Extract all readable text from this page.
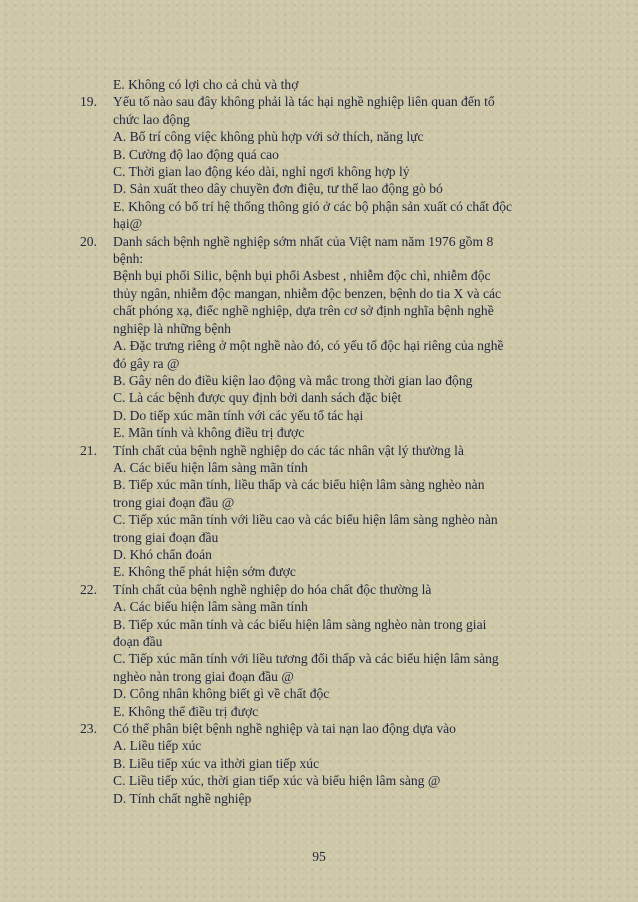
E. Không có lợi cho cả chủ và thợ
19. Yếu tố nào sau đây không phải là tác hại nghề nghiệp liên quan đến tổ
chức lao động
A. Bố trí công việc không phù hợp với sở thích, năng lực
B. Cường độ lao động quá cao
C. Thời gian lao động kéo dài, nghỉ ngơi không hợp lý
D. Sản xuất theo dây chuyền đơn điệu, tư thế lao động gò bó
E. Không có bố trí hệ thống thông gió ở các bộ phận sản xuất có chất độc
hại@
20. Danh sách bệnh nghề nghiệp sớm nhất của Việt nam năm 1976 gồm 8
bệnh:
Bệnh bụi phổi Silic, bệnh bụi phổi Asbest , nhiễm độc chì, nhiễm độc
thủy ngân, nhiễm độc mangan, nhiễm độc benzen, bệnh do tia X và các
chất phóng xạ, điếc nghề nghiệp, dựa trên cơ sở định nghĩa bệnh nghề
nghiệp là những bệnh
A. Đặc trưng riêng ở một nghề nào đó, có yếu tố độc hại riêng của nghề
đó gây ra @
B. Gây nên do điều kiện lao động và mắc trong thời gian lao động
C. Là các bệnh được quy định bởi danh sách đặc biệt
D. Do tiếp xúc mãn tính với các yếu tố tác hại
E. Mãn tính và không điều trị được
21. Tính chất của bệnh nghề nghiệp do các tác nhân vật lý thường là
A. Các biểu hiện lâm sàng mãn tính
B. Tiếp xúc mãn tính, liều thấp và các biểu hiện lâm sàng nghèo nàn
trong giai đoạn đầu @
C. Tiếp xúc mãn tính với liều cao và các biểu hiện lâm sàng nghèo nàn
trong giai đoạn đầu
D. Khó chẩn đoán
E. Không thể phát hiện sớm được
22. Tính chất của bệnh nghề nghiệp do hóa chất độc thường là
A. Các biểu hiện lâm sàng mãn tính
B. Tiếp xúc mãn tính và các biểu hiện lâm sàng nghèo nàn trong giai
đoạn đầu
C. Tiếp xúc mãn tính với liều tương đối thấp và các biểu hiện lâm sàng
nghèo nàn trong giai đoạn đầu @
D. Công nhân không biết gì về chất độc
E. Không thể điều trị được
23. Có thể phân biệt bệnh nghề nghiệp và tai nạn lao động dựa vào
A. Liều tiếp xúc
B. Liều tiếp xúc va ìthời gian tiếp xúc
C. Liều tiếp xúc, thời gian tiếp xúc và biểu hiện lâm sàng @
D. Tính chất nghề nghiệp
95
